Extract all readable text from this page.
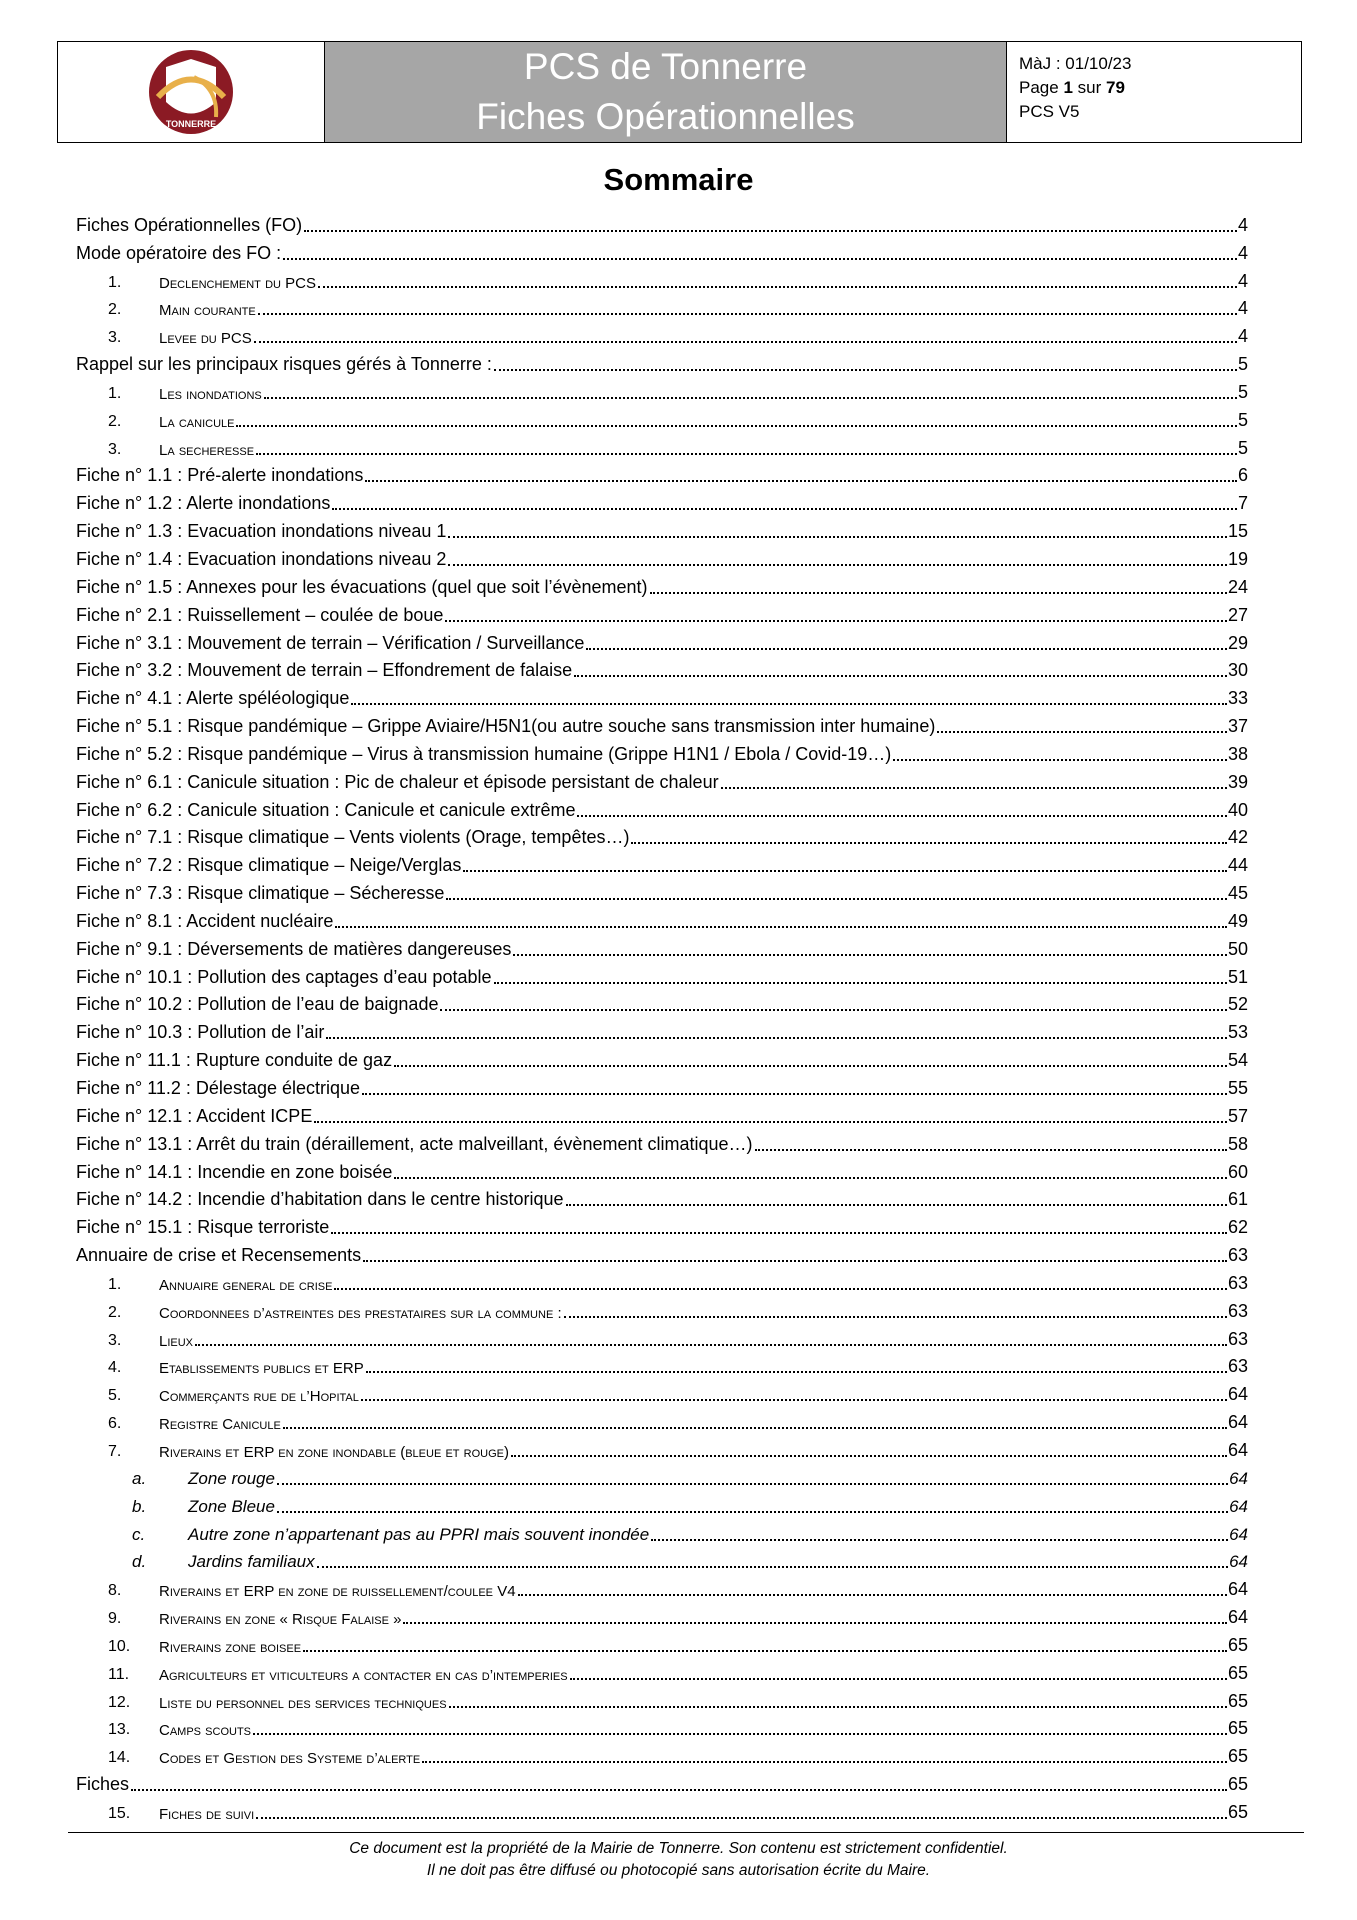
TONNERRE
PCS de Tonnerre
Fiches Opérationnelles
MàJ : 01/10/23
Page 1 sur 79
PCS V5
Sommaire
Fiches Opérationnelles (FO)	4
Mode opératoire des FO :	4
1.	Declenchement du PCS	4
2.	Main courante	4
3.	Levee du PCS	4
Rappel sur les principaux risques gérés à Tonnerre :	5
1.	Les inondations	5
2.	La canicule	5
3.	La secheresse	5
Fiche n° 1.1 : Pré-alerte inondations	6
Fiche n° 1.2 : Alerte inondations	7
Fiche n° 1.3 : Evacuation inondations niveau 1	15
Fiche n° 1.4 : Evacuation inondations niveau 2	19
Fiche n° 1.5 : Annexes pour les évacuations (quel que soit l’évènement)	24
Fiche n° 2.1 : Ruissellement – coulée de boue	27
Fiche n° 3.1 : Mouvement de terrain – Vérification / Surveillance	29
Fiche n° 3.2 : Mouvement de terrain – Effondrement de falaise	30
Fiche n° 4.1 : Alerte spéléologique	33
Fiche n° 5.1 : Risque pandémique – Grippe Aviaire/H5N1(ou autre souche sans transmission inter humaine)	37
Fiche n° 5.2 : Risque pandémique – Virus à transmission humaine (Grippe H1N1 / Ebola / Covid-19…)	38
Fiche n° 6.1 : Canicule situation : Pic de chaleur et épisode persistant de chaleur	39
Fiche n° 6.2 : Canicule situation : Canicule et canicule extrême	40
Fiche n° 7.1 : Risque climatique – Vents violents (Orage, tempêtes…)	42
Fiche n° 7.2 : Risque climatique – Neige/Verglas	44
Fiche n° 7.3 : Risque climatique – Sécheresse	45
Fiche n° 8.1 : Accident nucléaire	49
Fiche n° 9.1 : Déversements de matières dangereuses	50
Fiche n° 10.1 : Pollution des captages d’eau potable	51
Fiche n° 10.2 : Pollution de l’eau de baignade	52
Fiche n° 10.3 : Pollution de l’air	53
Fiche n° 11.1 : Rupture conduite de gaz	54
Fiche n° 11.2 : Délestage électrique	55
Fiche n° 12.1 : Accident ICPE	57
Fiche n° 13.1 : Arrêt du train (déraillement, acte malveillant, évènement climatique…)	58
Fiche n° 14.1 : Incendie en zone boisée	60
Fiche n° 14.2 : Incendie d’habitation dans le centre historique	61
Fiche n° 15.1 : Risque terroriste	62
Annuaire de crise et Recensements	63
1.	Annuaire general de crise	63
2.	Coordonnees d’astreintes des prestataires sur la commune :	63
3.	Lieux	63
4.	Etablissements publics et ERP	63
5.	Commerçants rue de l’Hopital	64
6.	Registre Canicule	64
7.	Riverains et ERP en zone inondable (bleue et rouge)	64
a.	Zone rouge	64
b.	Zone Bleue	64
c.	Autre zone n’appartenant pas au PPRI mais souvent inondée	64
d.	Jardins familiaux	64
8.	Riverains et ERP en zone de ruissellement/coulee V4	64
9.	Riverains en zone « Risque Falaise »	64
10.	Riverains zone boisee	65
11.	Agriculteurs et viticulteurs a contacter en cas d’intemperies	65
12.	Liste du personnel des services techniques	65
13.	Camps scouts	65
14.	Codes et Gestion des Systeme d’alerte	65
Fiches	65
15.	Fiches de suivi	65
Ce document est la propriété de la Mairie de Tonnerre. Son contenu est strictement confidentiel.
Il ne doit pas être diffusé ou photocopié sans autorisation écrite du Maire.
